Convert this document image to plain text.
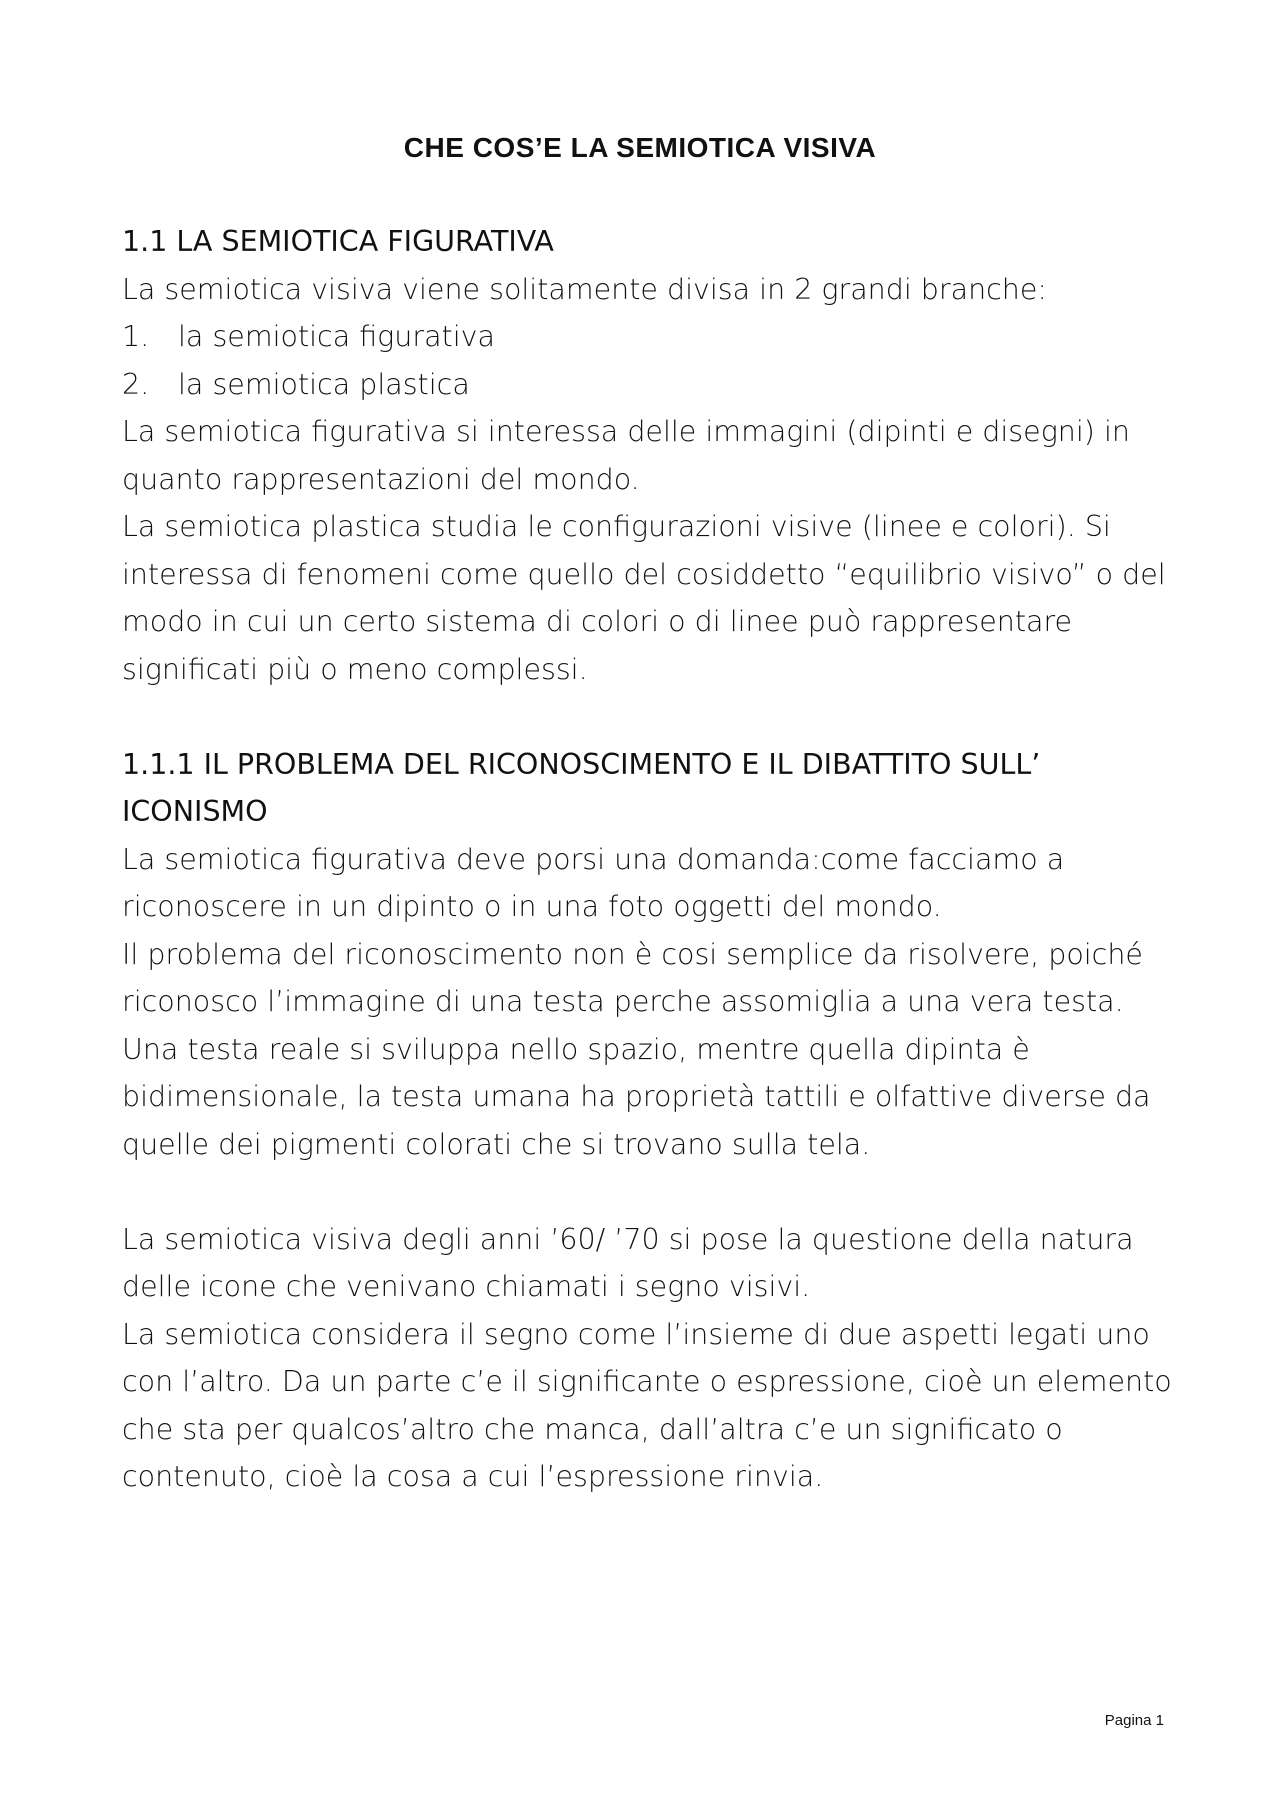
CHE COS’E LA SEMIOTICA VISIVA

1.1 LA SEMIOTICA FIGURATIVA

La semiotica visiva viene solitamente divisa in 2 grandi branche:

1.	la semiotica figurativa
2.	la semiotica plastica

La semiotica figurativa si interessa delle immagini (dipinti e disegni) in quanto rappresentazioni del mondo.

La semiotica plastica studia le configurazioni visive (linee e colori). Si interessa di fenomeni come quello del cosiddetto “equilibrio visivo” o del modo in cui un certo sistema di colori o di linee può rappresentare significati più o meno complessi.

1.1.1 IL PROBLEMA DEL RICONOSCIMENTO E IL DIBATTITO SULL’ ICONISMO

La semiotica figurativa deve porsi una domanda:come facciamo a riconoscere in un dipinto o in una foto oggetti del mondo.

Il problema del riconoscimento non è cosi semplice da risolvere, poiché riconosco l’immagine di una testa perche assomiglia a una vera testa.

Una testa reale si sviluppa nello spazio, mentre quella dipinta è bidimensionale, la testa umana ha proprietà tattili e olfattive diverse da quelle dei pigmenti colorati che si trovano sulla tela.

La semiotica visiva degli anni ’60/ ’70 si pose la questione della natura delle icone che venivano chiamati i segno visivi.

La semiotica considera il segno come l’insieme di due aspetti legati uno con l’altro. Da un parte c’e il significante o espressione, cioè un elemento che sta per qualcos’altro che manca, dall’altra c’e un significato o contenuto, cioè la cosa a cui l’espressione rinvia.

Pagina 1
